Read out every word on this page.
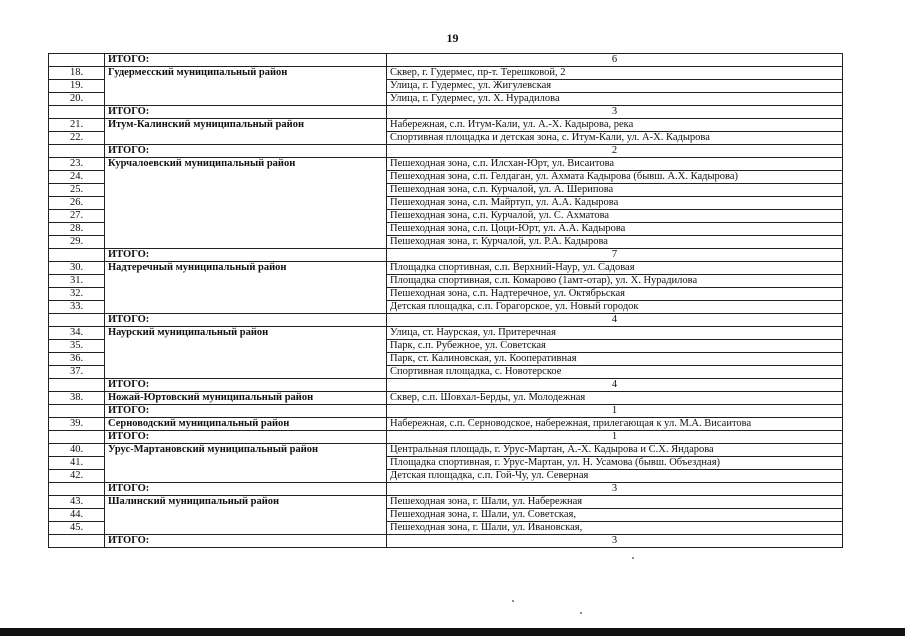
19
	ИТОГО:	6
18.	Гудермесский муниципальный район	Сквер, г. Гудермес, пр-т. Терешковой, 2
19.		Улица, г. Гудермес, ул. Жигулевская
20.		Улица, г. Гудермес, ул. Х. Нурадилова
	ИТОГО:	3
21.	Итум-Калинский муниципальный район	Набережная, с.п. Итум-Кали, ул. А.-Х. Кадырова, река
22.		Спортивная площадка и детская зона, с. Итум-Кали, ул. А-Х. Кадырова
	ИТОГО:	2
23.	Курчалоевский муниципальный район	Пешеходная зона, с.п. Илсхан-Юрт, ул. Висаитова
24.		Пешеходная зона, с.п. Гелдаган, ул. Ахмата Кадырова (бывш. А.Х. Кадырова)
25.		Пешеходная зона, с.п. Курчалой, ул. А. Шерипова
26.		Пешеходная зона, с.п. Майртуп, ул. А.А. Кадырова
27.		Пешеходная зона, с.п. Курчалой, ул. С. Ахматова
28.		Пешеходная зона, с.п. Цоци-Юрт, ул. А.А. Кадырова
29.		Пешеходная зона, г. Курчалой, ул. Р.А. Кадырова
	ИТОГО:	7
30.	Надтеречный муниципальный район	Площадка спортивная, с.п. Верхний-Наур, ул. Садовая
31.		Площадка спортивная, с.п. Комарово (1амт-отар), ул. Х. Нурадилова
32.		Пешеходная зона, с.п. Надтеречное, ул. Октябрьская
33.		Детская площадка, с.п. Горагорское, ул. Новый городок
	ИТОГО:	4
34.	Наурский муниципальный район	Улица, ст. Наурская, ул. Притеречная
35.		Парк, с.п. Рубежное, ул. Советская
36.		Парк, ст. Калиновская, ул. Кооперативная
37.		Спортивная площадка, с. Новотерское
	ИТОГО:	4
38.	Ножай-Юртовский муниципальный район	Сквер, с.п. Шовхал-Берды, ул. Молодежная
	ИТОГО:	1
39.	Серноводский муниципальный район	Набережная, с.п. Серноводское, набережная, прилегающая к ул. М.А. Висаитова
	ИТОГО:	1
40.	Урус-Мартановский муниципальный район	Центральная площадь, г. Урус-Мартан, А.-Х. Кадырова и С.Х. Яндарова
41.		Площадка спортивная, г. Урус-Мартан, ул. Н. Усамова (бывш. Объездная)
42.		Детская площадка, с.п. Гой-Чу, ул. Северная
	ИТОГО:	3
43.	Шалинский муниципальный район	Пешеходная зона, г. Шали, ул. Набережная
44.		Пешеходная зона, г. Шали, ул. Советская,
45.		Пешеходная зона, г. Шали, ул. Ивановская,
	ИТОГО:	3
